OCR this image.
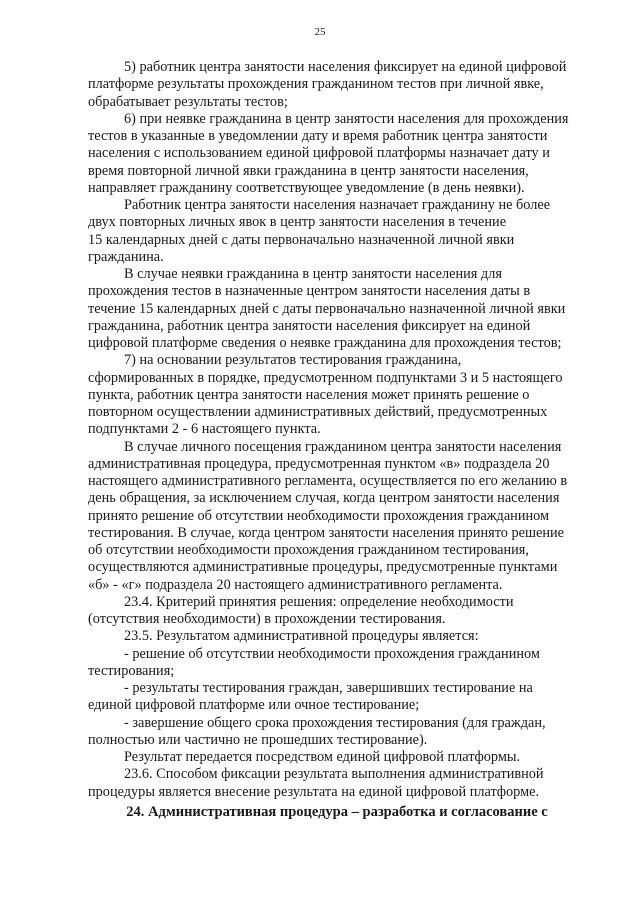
25

5) работник центра занятости населения фиксирует на единой цифровой
платформе результаты прохождения гражданином тестов при личной явке,
обрабатывает результаты тестов;

6) при неявке гражданина в центр занятости населения для прохождения
тестов в указанные в уведомлении дату и время работник центра занятости
населения с использованием единой цифровой платформы назначает дату и
время повторной личной явки гражданина в центр занятости населения,
направляет гражданину соответствующее уведомление (в день неявки).

Работник центра занятости населения назначает гражданину не более
двух повторных личных явок в центр занятости населения в течение
15 календарных дней с даты первоначально назначенной личной явки
гражданина.

В случае неявки гражданина в центр занятости населения для
прохождения тестов в назначенные центром занятости населения даты в
течение 15 календарных дней с даты первоначально назначенной личной явки
гражданина, работник центра занятости населения фиксирует на единой
цифровой платформе сведения о неявке гражданина для прохождения тестов;

7) на основании результатов тестирования гражданина,
сформированных в порядке, предусмотренном подпунктами 3 и 5 настоящего
пункта, работник центра занятости населения может принять решение о
повторном осуществлении административных действий, предусмотренных
подпунктами 2 - 6 настоящего пункта.

В случае личного посещения гражданином центра занятости населения
административная процедура, предусмотренная пунктом «в» подраздела 20
настоящего административного регламента, осуществляется по его желанию в
день обращения, за исключением случая, когда центром занятости населения
принято решение об отсутствии необходимости прохождения гражданином
тестирования. В случае, когда центром занятости населения принято решение
об отсутствии необходимости прохождения гражданином тестирования,
осуществляются административные процедуры, предусмотренные пунктами
«б» - «г» подраздела 20 настоящего административного регламента.

23.4. Критерий принятия решения: определение необходимости
(отсутствия необходимости) в прохождении тестирования.

23.5. Результатом административной процедуры является:

- решение об отсутствии необходимости прохождения гражданином
тестирования;

- результаты тестирования граждан, завершивших тестирование на
единой цифровой платформе или очное тестирование;

- завершение общего срока прохождения тестирования (для граждан,
полностью или частично не прошедших тестирование).

Результат передается посредством единой цифровой платформы.

23.6. Способом фиксации результата выполнения административной
процедуры является внесение результата на единой цифровой платформе.

24. Административная процедура – разработка и согласование с
